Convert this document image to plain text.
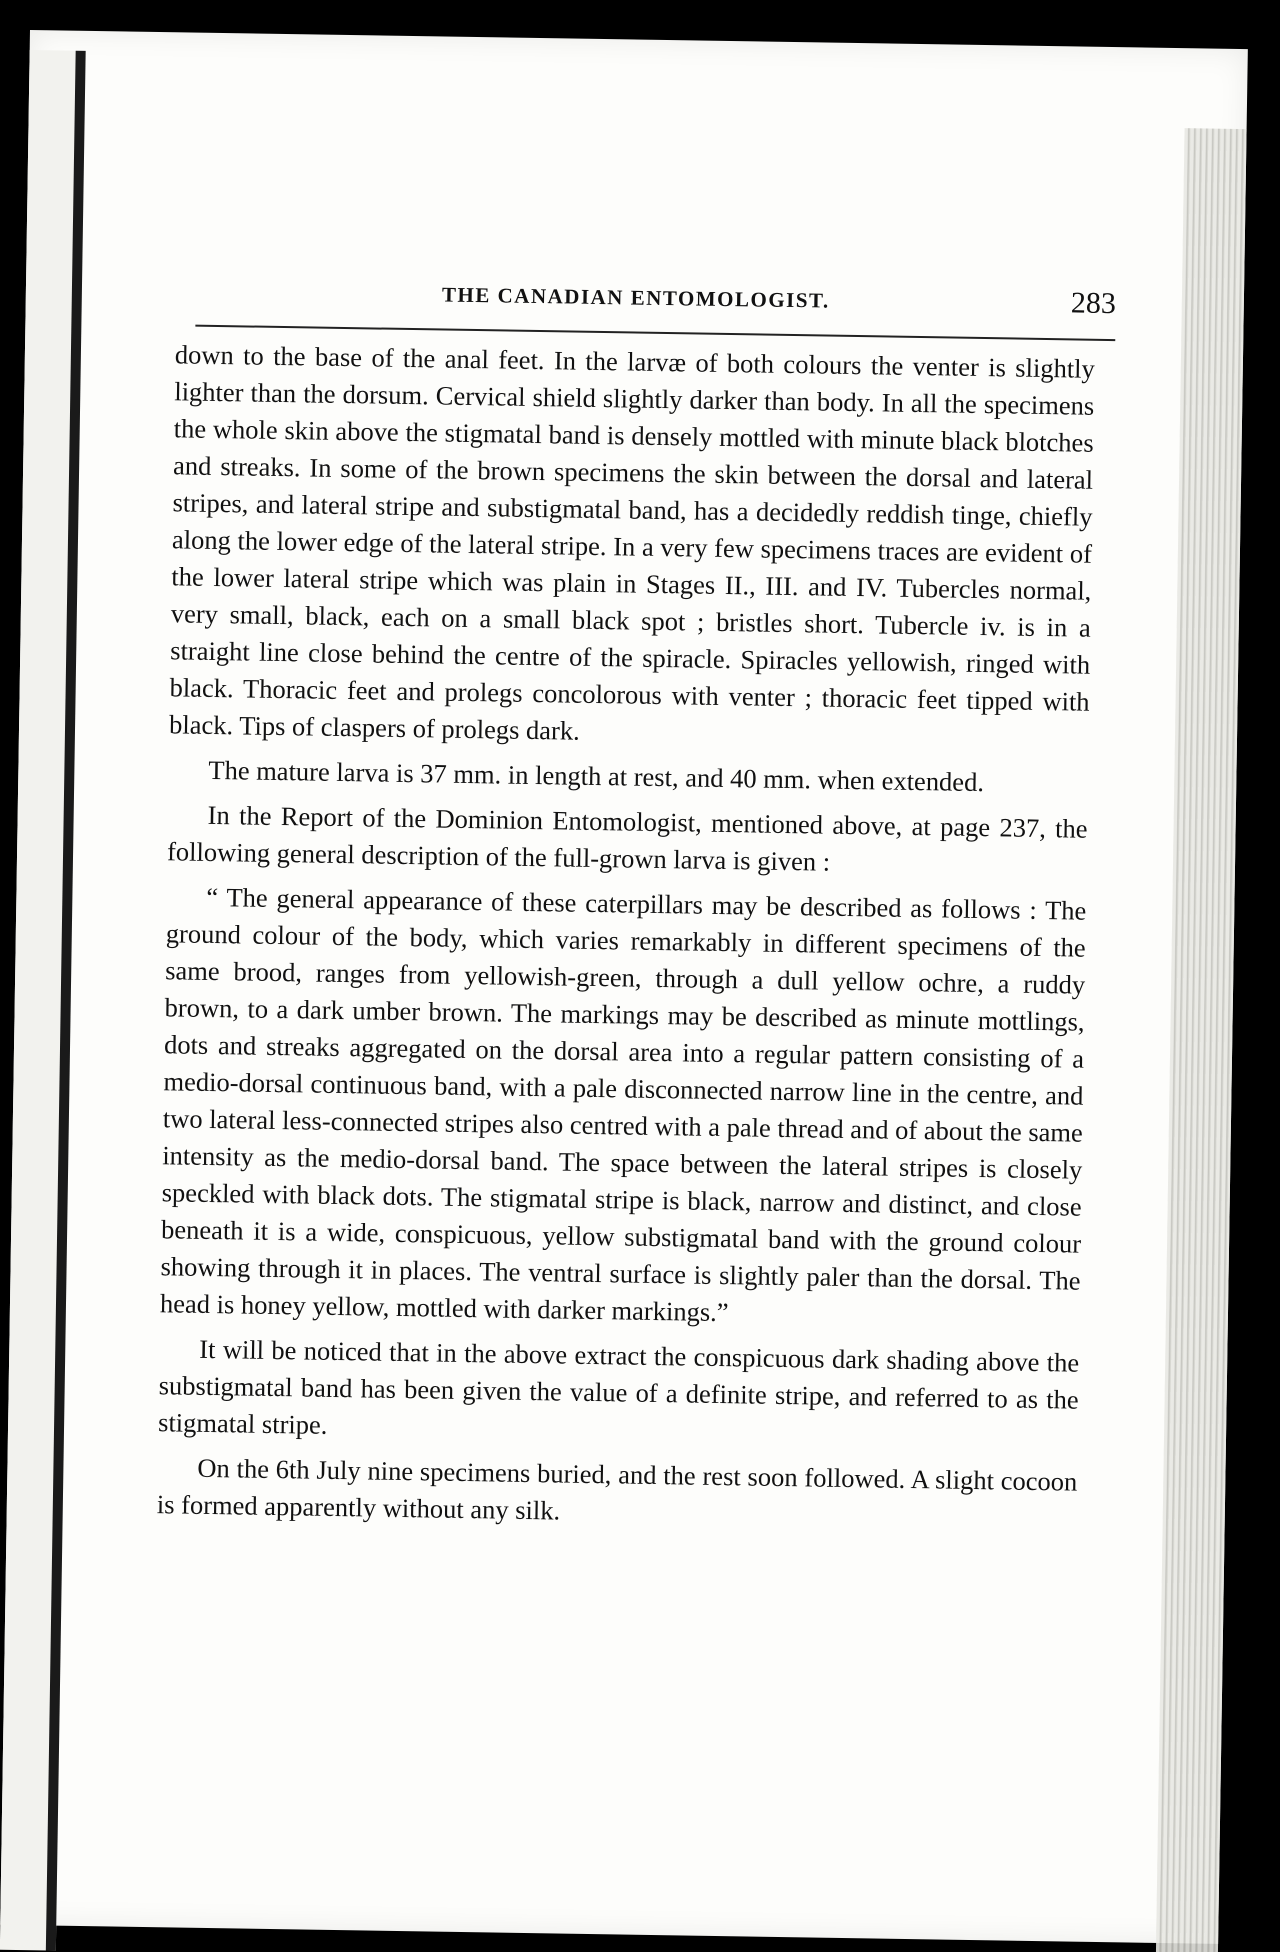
THE CANADIAN ENTOMOLOGIST.	283

down to the base of the anal feet. In the larvæ of both colours the venter is slightly lighter than the dorsum. Cervical shield slightly darker than body. In all the specimens the whole skin above the stigmatal band is densely mottled with minute black blotches and streaks. In some of the brown specimens the skin between the dorsal and lateral stripes, and lateral stripe and substigmatal band, has a decidedly reddish tinge, chiefly along the lower edge of the lateral stripe. In a very few specimens traces are evident of the lower lateral stripe which was plain in Stages II., III. and IV. Tubercles normal, very small, black, each on a small black spot ; bristles short. Tubercle iv. is in a straight line close behind the centre of the spiracle. Spiracles yellowish, ringed with black. Thoracic feet and prolegs concolorous with venter ; thoracic feet tipped with black. Tips of claspers of prolegs dark.

The mature larva is 37 mm. in length at rest, and 40 mm. when extended.

In the Report of the Dominion Entomologist, mentioned above, at page 237, the following general description of the full-grown larva is given :

“ The general appearance of these caterpillars may be described as follows : The ground colour of the body, which varies remarkably in different specimens of the same brood, ranges from yellowish-green, through a dull yellow ochre, a ruddy brown, to a dark umber brown. The markings may be described as minute mottlings, dots and streaks aggregated on the dorsal area into a regular pattern consisting of a medio-dorsal continuous band, with a pale disconnected narrow line in the centre, and two lateral less-connected stripes also centred with a pale thread and of about the same intensity as the medio-dorsal band. The space between the lateral stripes is closely speckled with black dots. The stigmatal stripe is black, narrow and distinct, and close beneath it is a wide, conspicuous, yellow substigmatal band with the ground colour showing through it in places. The ventral surface is slightly paler than the dorsal. The head is honey yellow, mottled with darker markings.”

It will be noticed that in the above extract the conspicuous dark shading above the substigmatal band has been given the value of a definite stripe, and referred to as the stigmatal stripe.

On the 6th July nine specimens buried, and the rest soon followed. A slight cocoon is formed apparently without any silk.
